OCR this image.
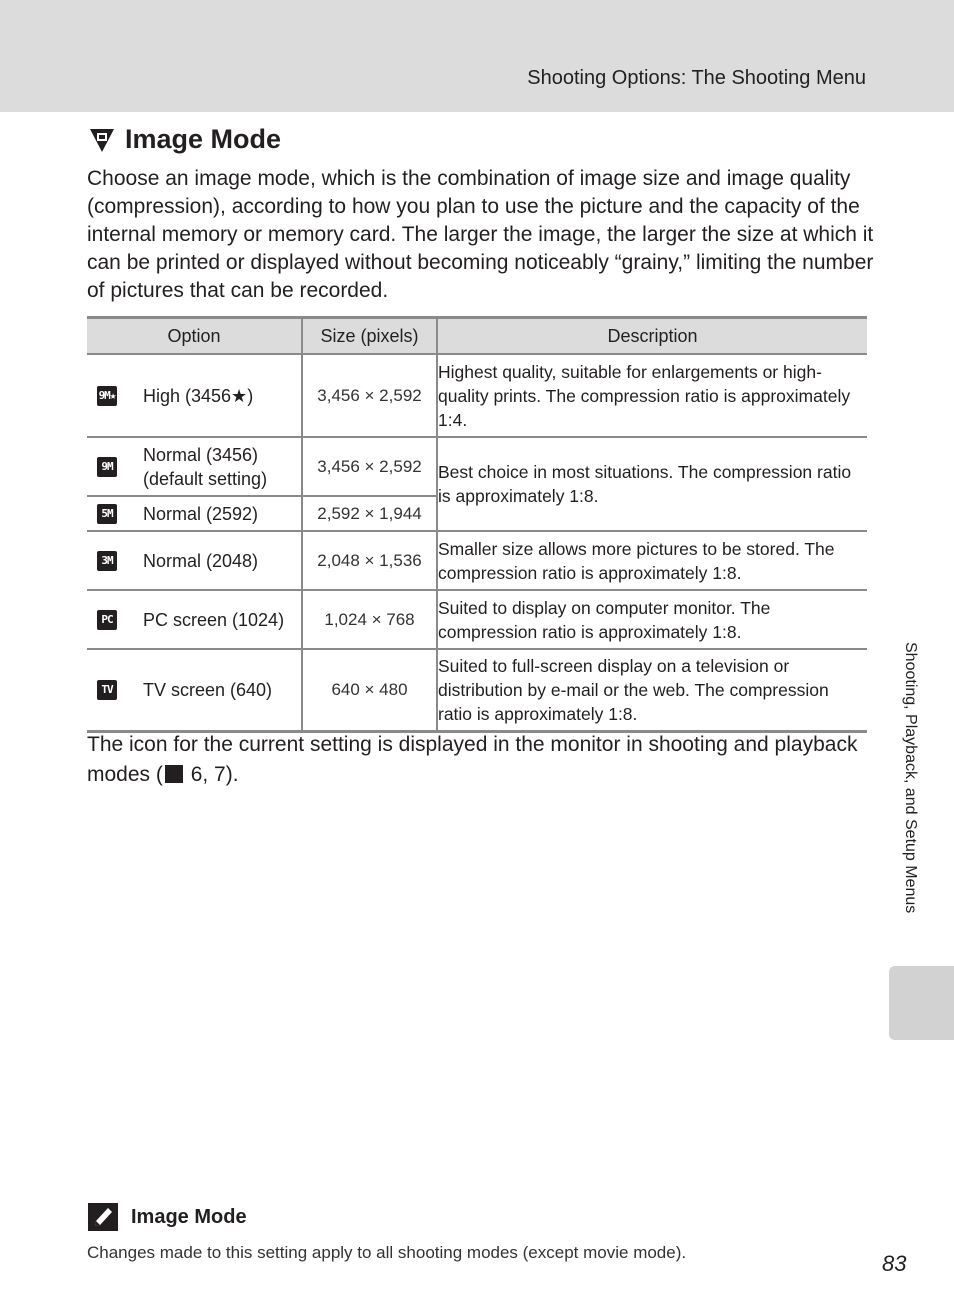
Shooting Options: The Shooting Menu
Image Mode

Choose an image mode, which is the combination of image size and image quality (compression), according to how you plan to use the picture and the capacity of the internal memory or memory card. The larger the image, the larger the size at which it can be printed or displayed without becoming noticeably “grainy,” limiting the number of pictures that can be recorded.

Option	Size (pixels)	Description

9M★ High (3456★)	3,456 × 2,592	Highest quality, suitable for enlargements or high-quality prints. The compression ratio is approximately 1:4.

9M
Normal (3456)
(default setting)	3,456 × 2,592	Best choice in most situations. The compression ratio is approximately 1:8.

5M Normal (2592)	2,592 × 1,944	

3M Normal (2048)	2,048 × 1,536	Smaller size allows more pictures to be stored. The compression ratio is approximately 1:8.

PC PC screen (1024)	1,024 × 768	Suited to display on computer monitor. The compression ratio is approximately 1:8.

TV TV screen (640)	640 × 480	Suited to full-screen display on a television or distribution by e-mail or the web. The compression ratio is approximately 1:8.

The icon for the current setting is displayed in the monitor in shooting and playback modes ( 6, 7).	Shooting, Playback, and Setup Menus
Image Mode
Changes made to this setting apply to all shooting modes (except movie mode).	83
